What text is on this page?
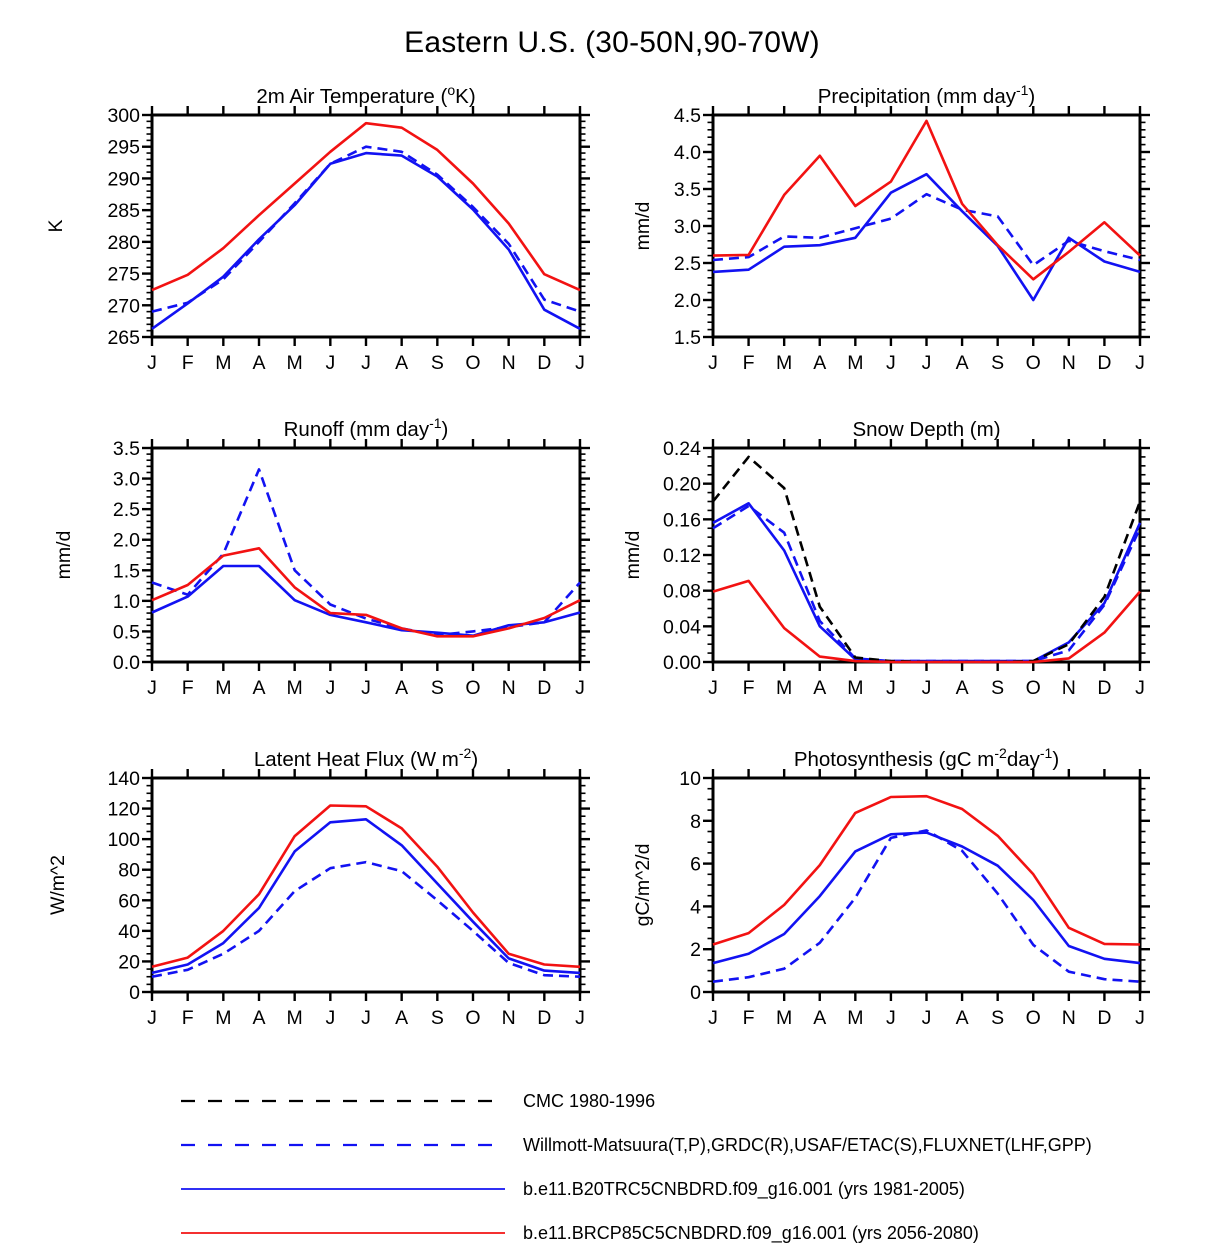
Eastern U.S. (30-50N,90-70W)
J F M A M J J A S O N D J
265
270
275
280
285
290
295
300
2m Air Temperature ($^o$K)
K
J F M A M J J A S O N D J
1.5
2.0
2.5
3.0
3.5
4.0
4.5
Precipitation (mm day$^{-1}$)
mm/d
J F M A M J J A S O N D J
0.0
0.5
1.0
1.5
2.0
2.5
3.0
3.5
Runoff (mm day$^{-1}$)
mm/d
J F M A M J J A S O N D J
0.00
0.04
0.08
0.12
0.16
0.20
0.24
Snow Depth (m)
mm/d
J F M A M J J A S O N D J
0
20
40
60
80
100
120
140
Latent Heat Flux (W $m^{-2}$)
W/m^2
J F M A M J J A S O N D J
0
2
4
6
8
10
Photosynthesis (gC $m^{-2}day^{-1}$)
gC/m^2/d
CMC 1980-1996
Willmott-Matsuura(T,P),GRDC(R),USAF/ETAC(S),FLUXNET(LHF,GPP)
b.e11.B20TRC5CNBDRD.f09_g16.001 (yrs 1981-2005)
b.e11.BRCP85C5CNBDRD.f09_g16.001 (yrs 2056-2080)
